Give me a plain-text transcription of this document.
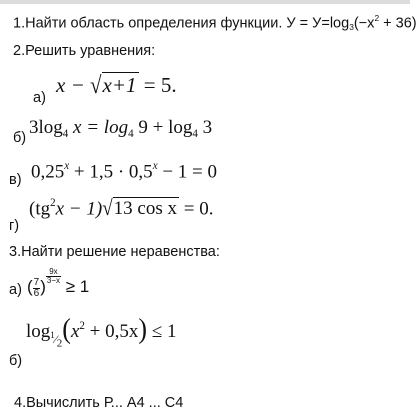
1.Найти область определения функции. $У = У=\log_3(-x^2 + 36)$
2.Решить уравнения:
а)
x − √x+1 = 5.
б) $3\log_4$ $x = \log_4 9 + \log_4 3$
в) $0,25^x + 1,5 \cdot 0,5^x - 1 = 0$
$(tg^2x - 1)√13$ cos x = 0.
г)
3.Найти решение неравенства:
а) ( $\frac{7}{6}$ )
$\frac{9x}{3-x}$
≥ 1
$\log_{^1⁄_2}(x^2 + 0,5x) \le 1$
б)
4.Вычислить Р... A4 ... C4
